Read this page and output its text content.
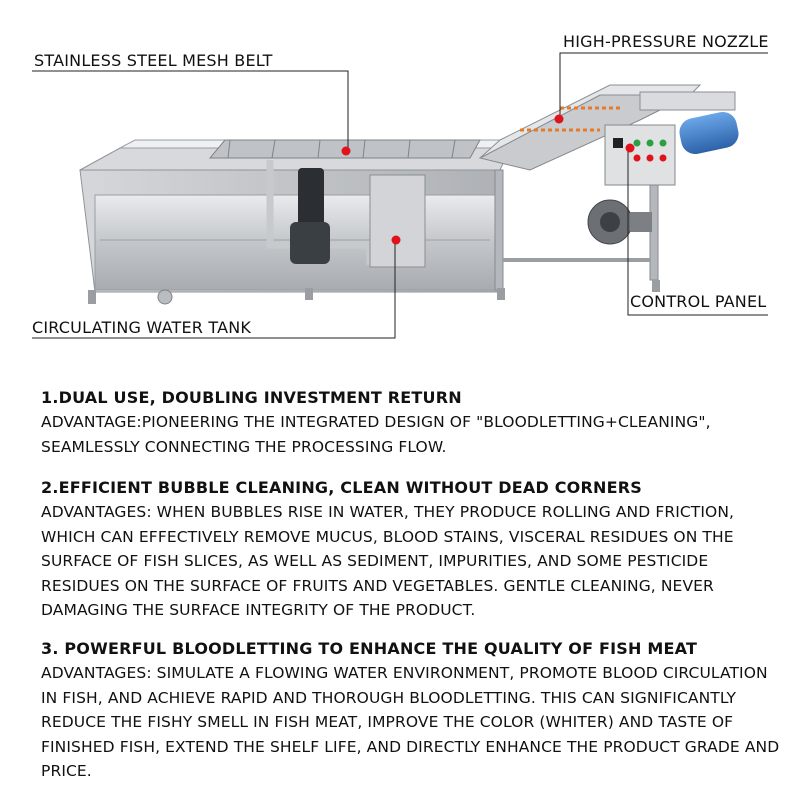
STAINLESS STEEL MESH BELT
HIGH-PRESSURE NOZZLE
CIRCULATING WATER TANK
CONTROL PANEL
1.DUAL USE, DOUBLING INVESTMENT RETURN

ADVANTAGE:PIONEERING THE INTEGRATED DESIGN OF "BLOODLETTING+CLEANING", SEAMLESSLY CONNECTING THE PROCESSING FLOW.

2.EFFICIENT BUBBLE CLEANING, CLEAN WITHOUT DEAD CORNERS

ADVANTAGES: WHEN BUBBLES RISE IN WATER, THEY PRODUCE ROLLING AND FRICTION, WHICH CAN EFFECTIVELY REMOVE MUCUS, BLOOD STAINS, VISCERAL RESIDUES ON THE SURFACE OF FISH SLICES, AS WELL AS SEDIMENT, IMPURITIES, AND SOME PESTICIDE RESIDUES ON THE SURFACE OF FRUITS AND VEGETABLES. GENTLE CLEANING, NEVER DAMAGING THE SURFACE INTEGRITY OF THE PRODUCT.

3. POWERFUL BLOODLETTING TO ENHANCE THE QUALITY OF FISH MEAT

ADVANTAGES: SIMULATE A FLOWING WATER ENVIRONMENT, PROMOTE BLOOD CIRCULATION IN FISH, AND ACHIEVE RAPID AND THOROUGH BLOODLETTING. THIS CAN SIGNIFICANTLY REDUCE THE FISHY SMELL IN FISH MEAT, IMPROVE THE COLOR (WHITER) AND TASTE OF FINISHED FISH, EXTEND THE SHELF LIFE, AND DIRECTLY ENHANCE THE PRODUCT GRADE AND PRICE.
